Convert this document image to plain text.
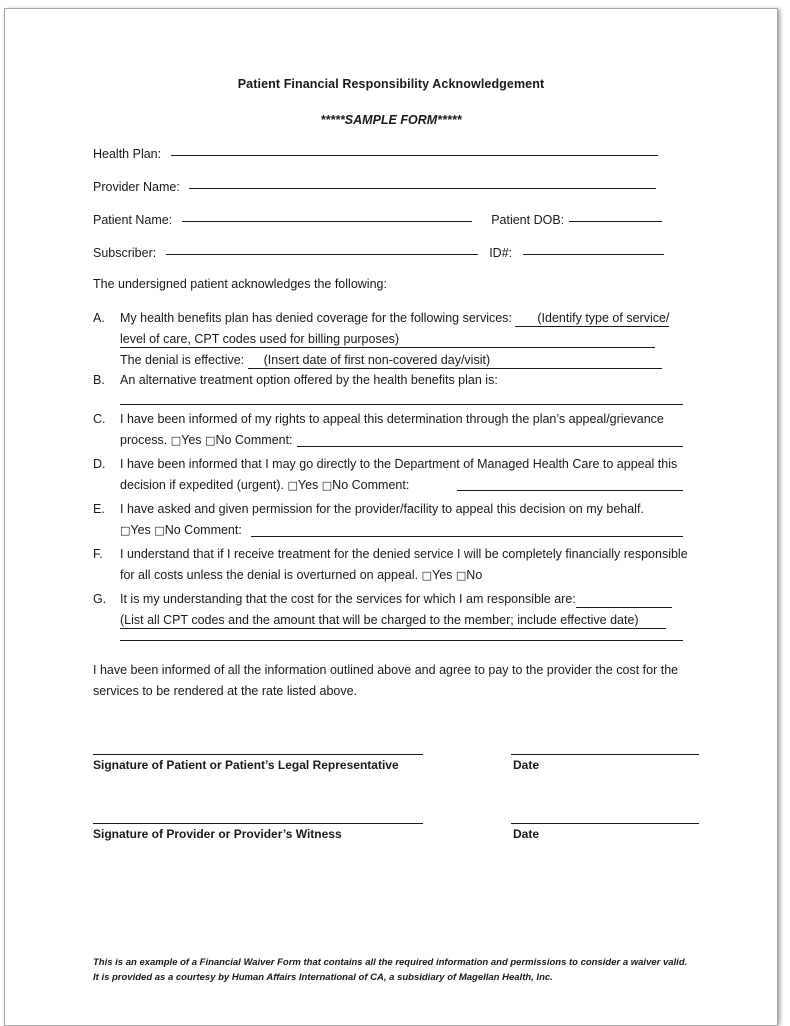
Patient Financial Responsibility Acknowledgement
*****SAMPLE FORM*****
Health Plan:
Provider Name:
Patient Name:	Patient DOB:
Subscriber:	ID#:
The undersigned patient acknowledges the following:
A.	My health benefits plan has denied coverage for the following services: (Identify type of service/
level of care, CPT codes used for billing purposes)
The denial is effective: (Insert date of first non-covered day/visit)
B.	An alternative treatment option offered by the health benefits plan is:
C.	I have been informed of my rights to appeal this determination through the plan’s appeal/grievance process. □Yes □No Comment:
D.	I have been informed that I may go directly to the Department of Managed Health Care to appeal this decision if expedited (urgent). □Yes □No Comment:
E.	I have asked and given permission for the provider/facility to appeal this decision on my behalf.
□Yes □No Comment:
F.	I understand that if I receive treatment for the denied service I will be completely financially responsible for all costs unless the denial is overturned on appeal. □Yes □No
G.	It is my understanding that the cost for the services for which I am responsible are:
(List all CPT codes and the amount that will be charged to the member; include effective date)
I have been informed of all the information outlined above and agree to pay to the provider the cost for the services to be rendered at the rate listed above.
Signature of Patient or Patient’s Legal Representative	Date
Signature of Provider or Provider’s Witness	Date
This is an example of a Financial Waiver Form that contains all the required information and permissions to consider a waiver valid. It is provided as a courtesy by Human Affairs International of CA, a subsidiary of Magellan Health, Inc.
